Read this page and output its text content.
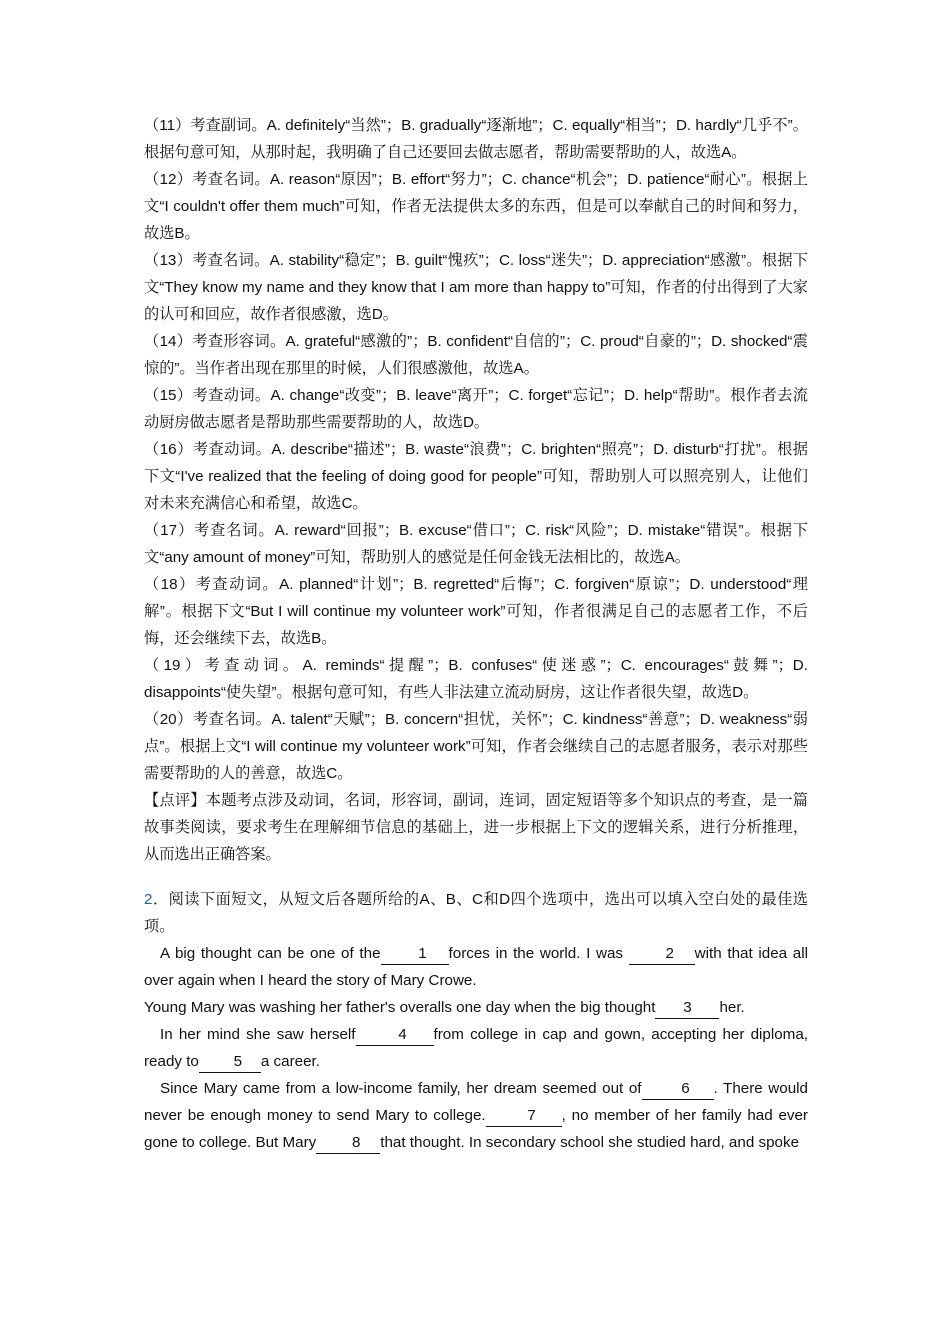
（11）考查副词。A. definitely“当然”；B. gradually“逐渐地”；C. equally“相当”；D. hardly“几乎不”。根据句意可知，从那时起，我明确了自己还要回去做志愿者，帮助需要帮助的人，故选A。

（12）考查名词。A. reason“原因”；B. effort“努力”；C. chance“机会”；D. patience“耐心”。根据上文“I couldn't offer them much”可知，作者无法提供太多的东西，但是可以奉献自己的时间和努力，故选B。

（13）考查名词。A. stability“稳定”；B. guilt“愧疚”；C. loss“迷失”；D. appreciation“感激”。根据下文“They know my name and they know that I am more than happy to”可知，作者的付出得到了大家的认可和回应，故作者很感激，选D。

（14）考查形容词。A. grateful“感激的”；B. confident“自信的”；C. proud“自豪的”；D. shocked“震惊的”。当作者出现在那里的时候，人们很感激他，故选A。

（15）考查动词。A. change“改变”；B. leave“离开”；C. forget“忘记”；D. help“帮助”。根作者去流动厨房做志愿者是帮助那些需要帮助的人，故选D。

（16）考查动词。A. describe“描述”；B. waste“浪费”；C. brighten“照亮”；D. disturb“打扰”。根据下文“I've realized that the feeling of doing good for people”可知，帮助别人可以照亮别人，让他们对未来充满信心和希望，故选C。

（17）考查名词。A. reward“回报”；B. excuse“借口”；C. risk“风险”；D. mistake“错误”。根据下文“any amount of money”可知，帮助别人的感觉是任何金钱无法相比的，故选A。

（18）考查动词。A. planned“计划”；B. regretted“后悔”；C. forgiven“原谅”；D. understood“理解”。根据下文“But I will continue my volunteer work”可知，作者很满足自己的志愿者工作，不后悔，还会继续下去，故选B。

（19）考查动词。A. reminds“提醒”；B. confuses“使迷惑”；C. encourages“鼓舞”；D. disappoints“使失望”。根据句意可知，有些人非法建立流动厨房，这让作者很失望，故选D。

（20）考查名词。A. talent“天赋”；B. concern“担忧，关怀”；C. kindness“善意”；D. weakness“弱点”。根据上文“I will continue my volunteer work”可知，作者会继续自己的志愿者服务，表示对那些需要帮助的人的善意，故选C。

【点评】本题考点涉及动词，名词，形容词，副词，连词，固定短语等多个知识点的考查，是一篇故事类阅读，要求考生在理解细节信息的基础上，进一步根据上下文的逻辑关系，进行分析推理，从而选出正确答案。

2．阅读下面短文，从短文后各题所给的A、B、C和D四个选项中，选出可以填入空白处的最佳选项。

A big thought can be one of the 1 forces in the world. I was 2 with that idea all over again when I heard the story of Mary Crowe.

Young Mary was washing her father's overalls one day when the big thought 3 her.

In her mind she saw herself	4 from college in cap and gown, accepting her diploma, ready to 5 a career.

Since Mary came from a low-income family, her dream seemed out of	6 . There would never be enough money to send Mary to college.	7 , no member of her family had ever gone to college. But Mary 8 that thought. In secondary school she studied hard, and spoke
